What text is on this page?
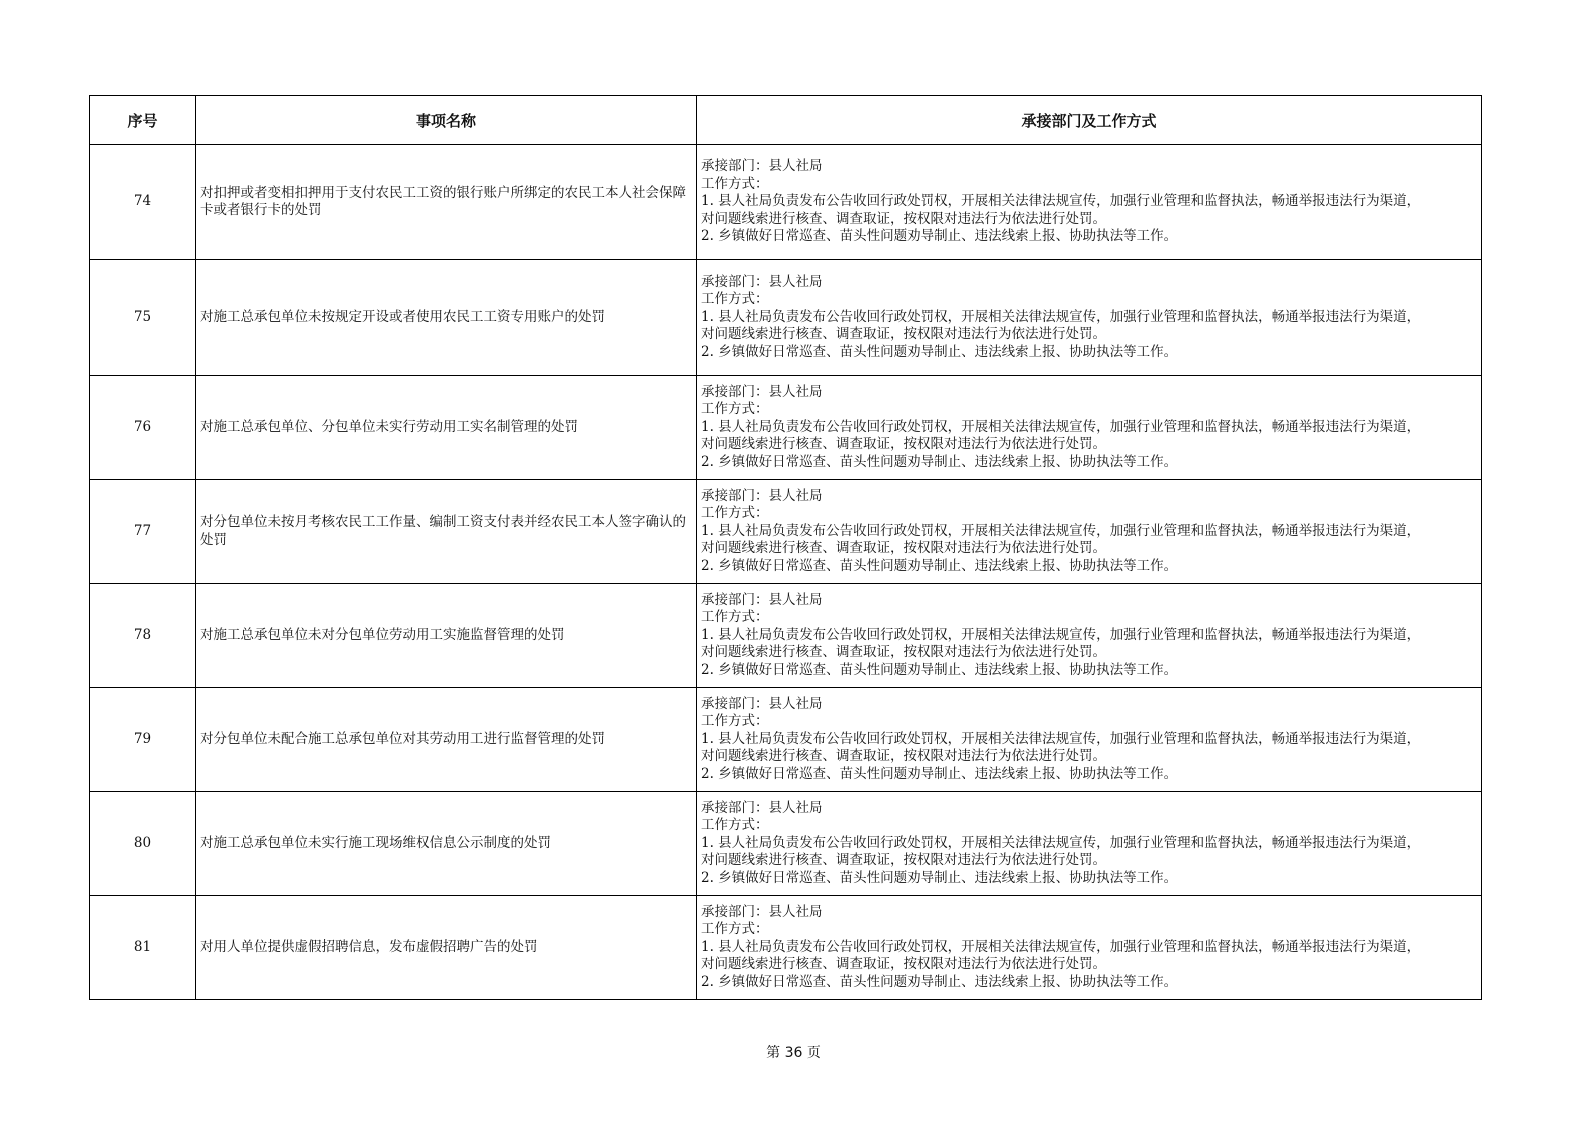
序号	事项名称	承接部门及工作方式
74	对扣押或者变相扣押用于支付农民工工资的银行账户所绑定的农民工本人社会保障卡或者银行卡的处罚	承接部门：县人社局
工作方式：
1. 县人社局负责发布公告收回行政处罚权，开展相关法律法规宣传，加强行业管理和监督执法，畅通举报违法行为渠道，
对问题线索进行核查、调查取证，按权限对违法行为依法进行处罚。
2. 乡镇做好日常巡查、苗头性问题劝导制止、违法线索上报、协助执法等工作。

75	对施工总承包单位未按规定开设或者使用农民工工资专用账户的处罚	承接部门：县人社局
工作方式：
1. 县人社局负责发布公告收回行政处罚权，开展相关法律法规宣传，加强行业管理和监督执法，畅通举报违法行为渠道，
对问题线索进行核查、调查取证，按权限对违法行为依法进行处罚。
2. 乡镇做好日常巡查、苗头性问题劝导制止、违法线索上报、协助执法等工作。

76	对施工总承包单位、分包单位未实行劳动用工实名制管理的处罚	承接部门：县人社局
工作方式：
1. 县人社局负责发布公告收回行政处罚权，开展相关法律法规宣传，加强行业管理和监督执法，畅通举报违法行为渠道，
对问题线索进行核查、调查取证，按权限对违法行为依法进行处罚。
2. 乡镇做好日常巡查、苗头性问题劝导制止、违法线索上报、协助执法等工作。

77	对分包单位未按月考核农民工工作量、编制工资支付表并经农民工本人签字确认的处罚	承接部门：县人社局
工作方式：
1. 县人社局负责发布公告收回行政处罚权，开展相关法律法规宣传，加强行业管理和监督执法，畅通举报违法行为渠道，
对问题线索进行核查、调查取证，按权限对违法行为依法进行处罚。
2. 乡镇做好日常巡查、苗头性问题劝导制止、违法线索上报、协助执法等工作。

78	对施工总承包单位未对分包单位劳动用工实施监督管理的处罚	承接部门：县人社局
工作方式：
1. 县人社局负责发布公告收回行政处罚权，开展相关法律法规宣传，加强行业管理和监督执法，畅通举报违法行为渠道，
对问题线索进行核查、调查取证，按权限对违法行为依法进行处罚。
2. 乡镇做好日常巡查、苗头性问题劝导制止、违法线索上报、协助执法等工作。

79	对分包单位未配合施工总承包单位对其劳动用工进行监督管理的处罚	承接部门：县人社局
工作方式：
1. 县人社局负责发布公告收回行政处罚权，开展相关法律法规宣传，加强行业管理和监督执法，畅通举报违法行为渠道，
对问题线索进行核查、调查取证，按权限对违法行为依法进行处罚。
2. 乡镇做好日常巡查、苗头性问题劝导制止、违法线索上报、协助执法等工作。

80	对施工总承包单位未实行施工现场维权信息公示制度的处罚	承接部门：县人社局
工作方式：
1. 县人社局负责发布公告收回行政处罚权，开展相关法律法规宣传，加强行业管理和监督执法，畅通举报违法行为渠道，
对问题线索进行核查、调查取证，按权限对违法行为依法进行处罚。
2. 乡镇做好日常巡查、苗头性问题劝导制止、违法线索上报、协助执法等工作。

81	对用人单位提供虚假招聘信息，发布虚假招聘广告的处罚	承接部门：县人社局
工作方式：
1. 县人社局负责发布公告收回行政处罚权，开展相关法律法规宣传，加强行业管理和监督执法，畅通举报违法行为渠道，
对问题线索进行核查、调查取证，按权限对违法行为依法进行处罚。
2. 乡镇做好日常巡查、苗头性问题劝导制止、违法线索上报、协助执法等工作。
第 36 页
